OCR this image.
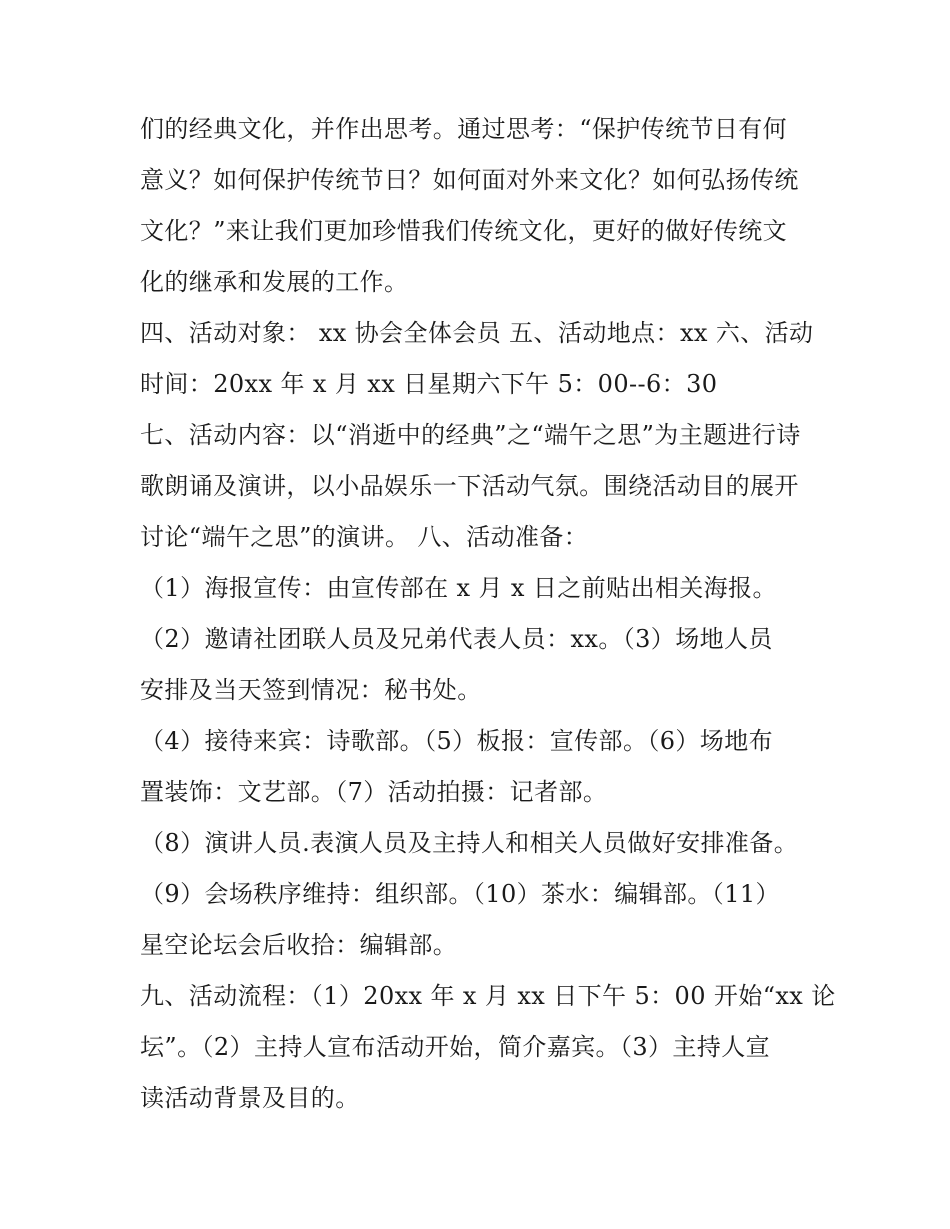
们的经典文化，并作出思考。通过思考：“保护传统节日有何
意义？如何保护传统节日？如何面对外来文化？如何弘扬传统
文化？”来让我们更加珍惜我们传统文化，更好的做好传统文
化的继承和发展的工作。
四、活动对象： xx 协会全体会员 五、活动地点：xx 六、活动
时间：20xx 年 x 月 xx 日星期六下午 5：00--6：30
七、活动内容：以“消逝中的经典”之“端午之思”为主题进行诗
歌朗诵及演讲，以小品娱乐一下活动气氛。围绕活动目的展开
讨论“端午之思”的演讲。 八、活动准备：
（1）海报宣传：由宣传部在 x 月 x 日之前贴出相关海报。
（2）邀请社团联人员及兄弟代表人员：xx。（3）场地人员
安排及当天签到情况：秘书处。
（4）接待来宾：诗歌部。（5）板报：宣传部。（6）场地布
置装饰：文艺部。（7）活动拍摄：记者部。
（8）演讲人员.表演人员及主持人和相关人员做好安排准备。
（9）会场秩序维持：组织部。（10）茶水：编辑部。（11）
星空论坛会后收拾：编辑部。
九、活动流程：（1）20xx 年 x 月 xx 日下午 5：00 开始“xx 论
坛”。（2）主持人宣布活动开始，简介嘉宾。（3）主持人宣
读活动背景及目的。
